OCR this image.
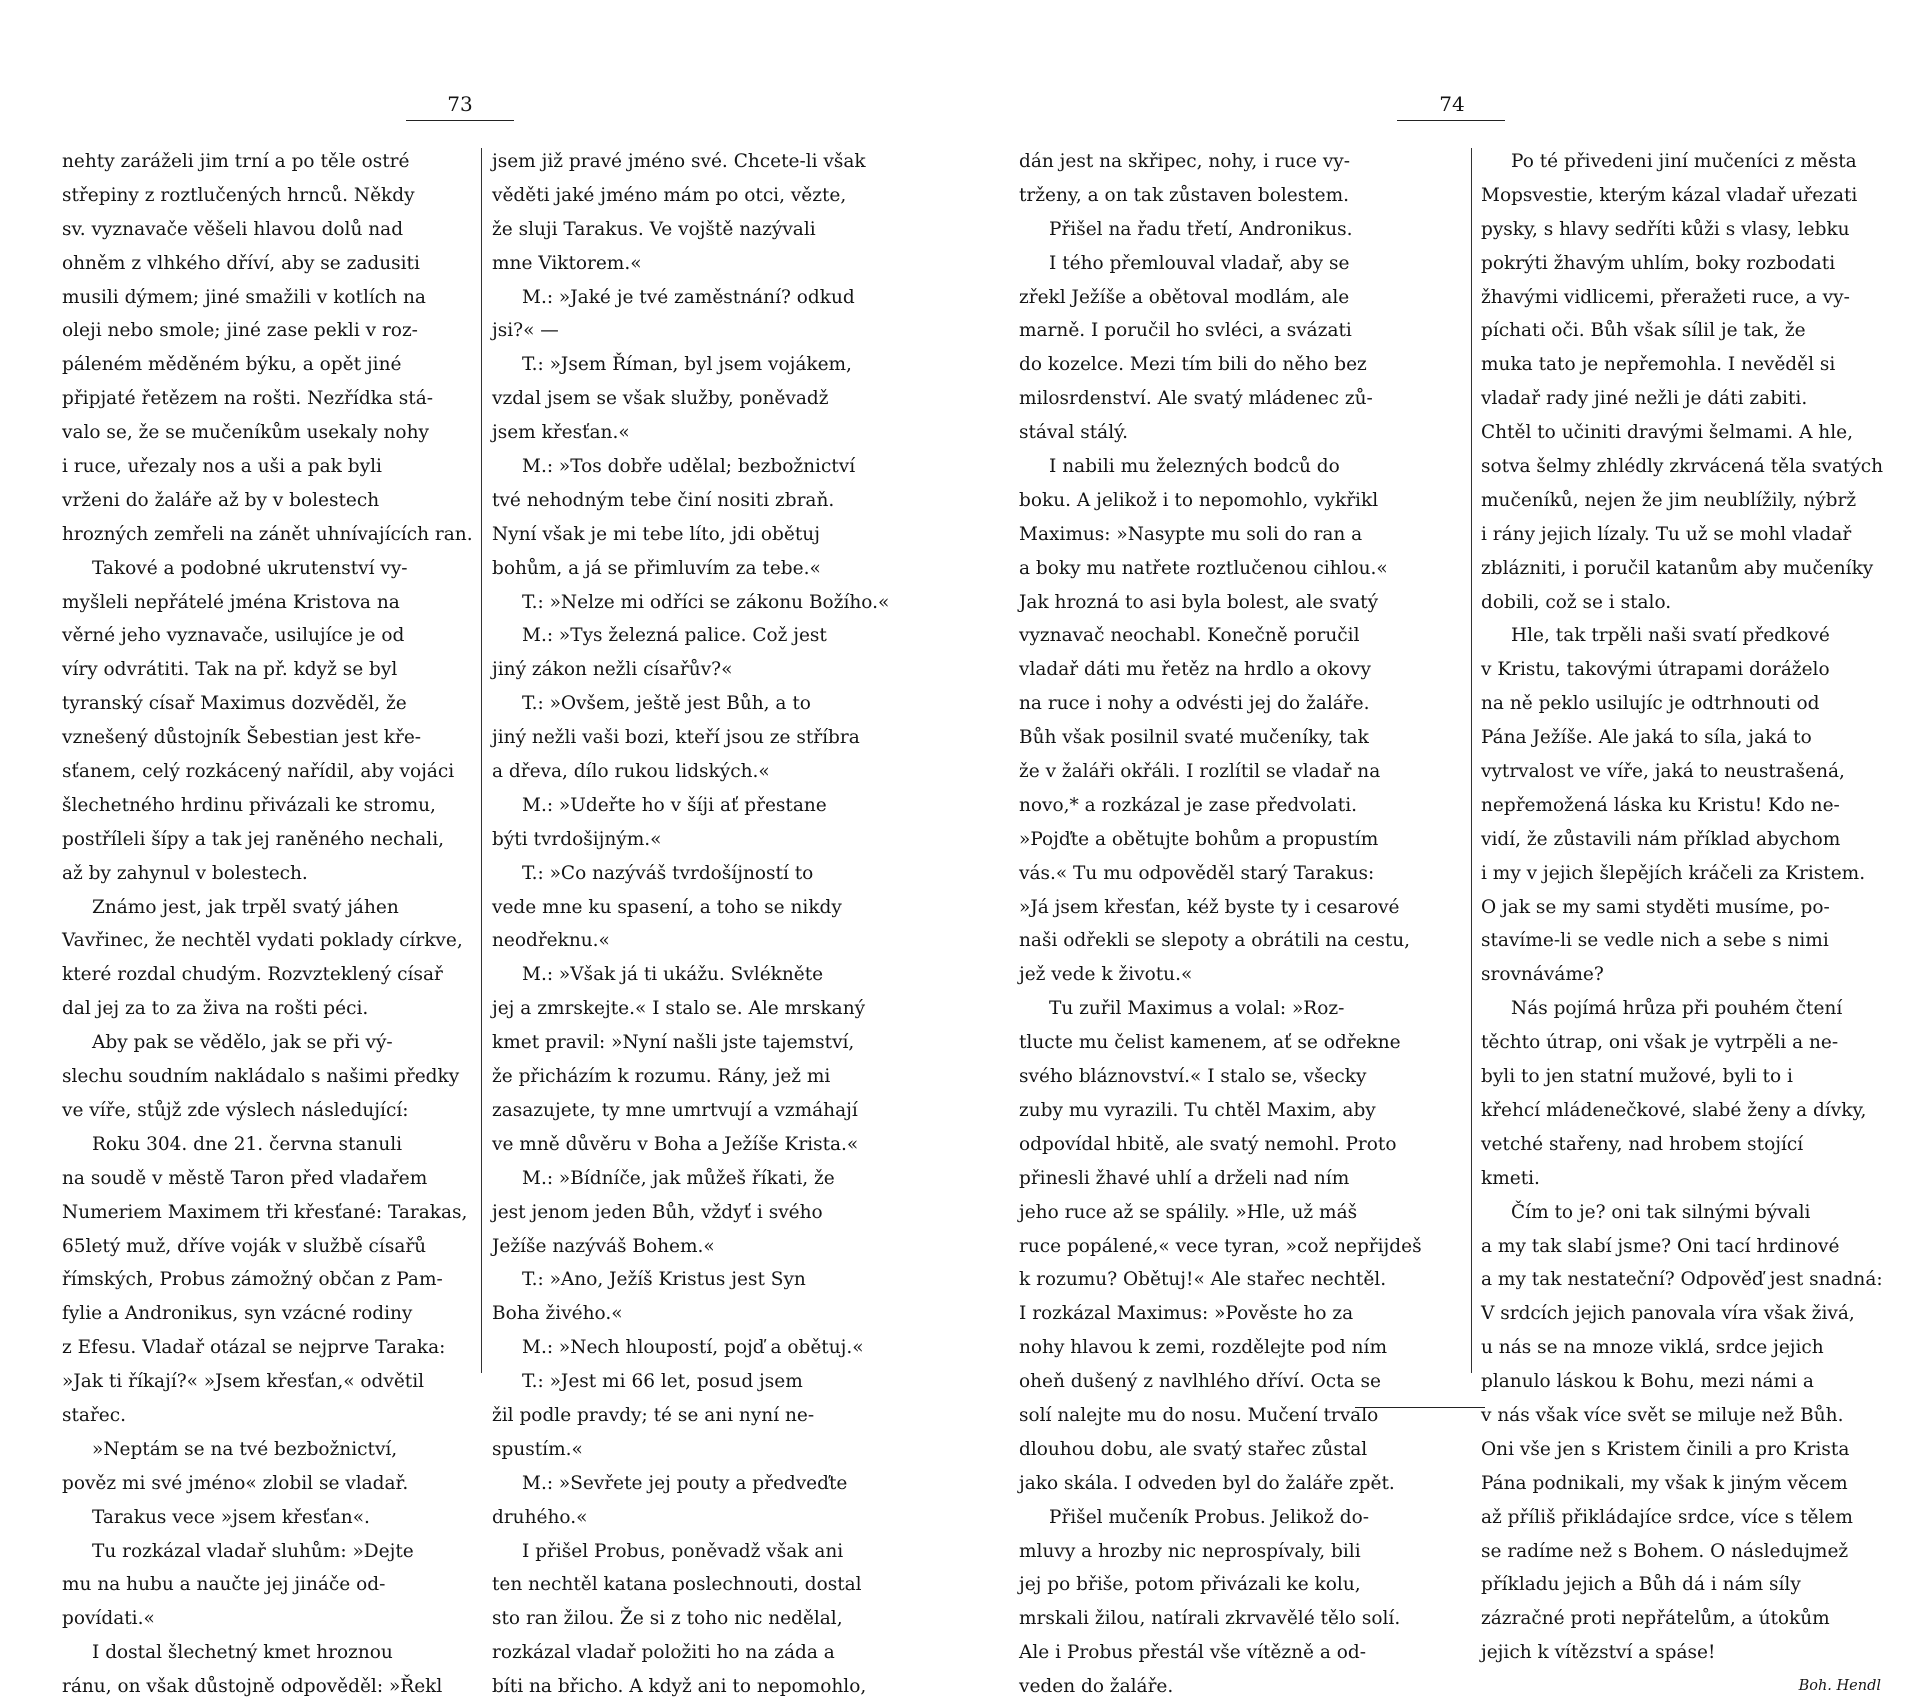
73
nehty zaráželi jim trní a po těle ostré
střepiny z roztlučených hrnců. Někdy
sv. vyznavače věšeli hlavou dolů nad
ohněm z vlhkého dříví, aby se zadusiti
musili dýmem; jiné smažili v kotlích na
oleji nebo smole; jiné zase pekli v roz-
páleném měděném býku, a opět jiné
připjaté řetězem na rošti. Nezřídka stá-
valo se, že se mučeníkům usekaly nohy
i ruce, uřezaly nos a uši a pak byli
vrženi do žaláře až by v bolestech
hrozných zemřeli na zánět uhnívajících ran.
Takové a podobné ukrutenství vy-
myšleli nepřátelé jména Kristova na
věrné jeho vyznavače, usilujíce je od
víry odvrátiti. Tak na př. když se byl
tyranský císař Maximus dozvěděl, že
vznešený důstojník Šebestian jest kře-
sťanem, celý rozkácený nařídil, aby vojáci
šlechetného hrdinu přivázali ke stromu,
postříleli šípy a tak jej raněného nechali,
až by zahynul v bolestech.
Známo jest, jak trpěl svatý jáhen
Vavřinec, že nechtěl vydati poklady církve,
které rozdal chudým. Rozvzteklený císař
dal jej za to za živa na rošti péci.
Aby pak se vědělo, jak se při vý-
slechu soudním nakládalo s našimi předky
ve víře, stůjž zde výslech následující:
Roku 304. dne 21. června stanuli
na soudě v městě Taron před vladařem
Numeriem Maximem tři křesťané: Tarakas,
65letý muž, dříve voják v službě císařů
římských, Probus zámožný občan z Pam-
fylie a Andronikus, syn vzácné rodiny
z Efesu. Vladař otázal se nejprve Taraka:
»Jak ti říkají?« »Jsem křesťan,« odvětil
stařec.
»Neptám se na tvé bezbožnictví,
pověz mi své jméno« zlobil se vladař.
Tarakus vece »jsem křesťan«.
Tu rozkázal vladař sluhům: »Dejte
mu na hubu a naučte jej jináče od-
povídati.«
I dostal šlechetný kmet hroznou
ránu, on však důstojně odpověděl: »Řekl
jsem již pravé jméno své. Chcete-li však
věděti jaké jméno mám po otci, vězte,
že sluji Tarakus. Ve vojště nazývali
mne Viktorem.«
M.: »Jaké je tvé zaměstnání? odkud
jsi?« —
T.: »Jsem Říman, byl jsem vojákem,
vzdal jsem se však služby, poněvadž
jsem křesťan.«
M.: »Tos dobře udělal; bezbožnictví
tvé nehodným tebe činí nositi zbraň.
Nyní však je mi tebe líto, jdi obětuj
bohům, a já se přimluvím za tebe.«
T.: »Nelze mi odříci se zákonu Božího.«
M.: »Tys železná palice. Což jest
jiný zákon nežli císařův?«
T.: »Ovšem, ještě jest Bůh, a to
jiný nežli vaši bozi, kteří jsou ze stříbra
a dřeva, dílo rukou lidských.«
M.: »Udeřte ho v šíji ať přestane
býti tvrdošijným.«
T.: »Co nazýváš tvrdošíjností to
vede mne ku spasení, a toho se nikdy
neodřeknu.«
M.: »Však já ti ukážu. Svlékněte
jej a zmrskejte.« I stalo se. Ale mrskaný
kmet pravil: »Nyní našli jste tajemství,
že přicházím k rozumu. Rány, jež mi
zasazujete, ty mne umrtvují a vzmáhají
ve mně důvěru v Boha a Ježíše Krista.«
M.: »Bídníče, jak můžeš říkati, že
jest jenom jeden Bůh, vždyť i svého
Ježíše nazýváš Bohem.«
T.: »Ano, Ježíš Kristus jest Syn
Boha živého.«
M.: »Nech hloupostí, pojď a obětuj.«
T.: »Jest mi 66 let, posud jsem
žil podle pravdy; té se ani nyní ne-
spustím.«
M.: »Sevřete jej pouty a předveďte
druhého.«
I přišel Probus, poněvadž však ani
ten nechtěl katana poslechnouti, dostal
sto ran žilou. Že si z toho nic nedělal,
rozkázal vladař položiti ho na záda a
bíti na břicho. A když ani to nepomohlo,
74
dán jest na skřipec, nohy, i ruce vy-
trženy, a on tak zůstaven bolestem.
Přišel na řadu třetí, Andronikus.
I tého přemlouval vladař, aby se
zřekl Ježíše a obětoval modlám, ale
marně. I poručil ho svléci, a svázati
do kozelce. Mezi tím bili do něho bez
milosrdenství. Ale svatý mládenec zů-
stával stálý.
I nabili mu železných bodců do
boku. A jelikož i to nepomohlo, vykřikl
Maximus: »Nasypte mu soli do ran a
a boky mu natřete roztlučenou cihlou.«
Jak hrozná to asi byla bolest, ale svatý
vyznavač neochabl. Konečně poručil
vladař dáti mu řetěz na hrdlo a okovy
na ruce i nohy a odvésti jej do žaláře.
Bůh však posilnil svaté mučeníky, tak
že v žaláři okřáli. I rozlítil se vladař na
novo,* a rozkázal je zase předvolati.
»Pojďte a obětujte bohům a propustím
vás.« Tu mu odpověděl starý Tarakus:
»Já jsem křesťan, kéž byste ty i cesarové
naši odřekli se slepoty a obrátili na cestu,
jež vede k životu.«
Tu zuřil Maximus a volal: »Roz-
tlucte mu čelist kamenem, ať se odřekne
svého bláznovství.« I stalo se, všecky
zuby mu vyrazili. Tu chtěl Maxim, aby
odpovídal hbitě, ale svatý nemohl. Proto
přinesli žhavé uhlí a drželi nad ním
jeho ruce až se spálily. »Hle, už máš
ruce popálené,« vece tyran, »což nepřijdeš
k rozumu? Obětuj!« Ale stařec nechtěl.
I rozkázal Maximus: »Pověste ho za
nohy hlavou k zemi, rozdělejte pod ním
oheň dušený z navlhlého dříví. Octa se
solí nalejte mu do nosu. Mučení trvalo
dlouhou dobu, ale svatý stařec zůstal
jako skála. I odveden byl do žaláře zpět.
Přišel mučeník Probus. Jelikož do-
mluvy a hrozby nic neprospívaly, bili
jej po břiše, potom přivázali ke kolu,
mrskali žilou, natírali zkrvavělé tělo solí.
Ale i Probus přestál vše vítězně a od-
veden do žaláře.
Po té přivedeni jiní mučeníci z města
Mopsvestie, kterým kázal vladař uřezati
pysky, s hlavy sedříti kůži s vlasy, lebku
pokrýti žhavým uhlím, boky rozbodati
žhavými vidlicemi, přeražeti ruce, a vy-
píchati oči. Bůh však sílil je tak, že
muka tato je nepřemohla. I nevěděl si
vladař rady jiné nežli je dáti zabiti.
Chtěl to učiniti dravými šelmami. A hle,
sotva šelmy zhlédly zkrvácená těla svatých
mučeníků, nejen že jim neublížily, nýbrž
i rány jejich lízaly. Tu už se mohl vladař
zblázniti, i poručil katanům aby mučeníky
dobili, což se i stalo.
Hle, tak trpěli naši svatí předkové
v Kristu, takovými útrapami doráželo
na ně peklo usilujíc je odtrhnouti od
Pána Ježíše. Ale jaká to síla, jaká to
vytrvalost ve víře, jaká to neustrašená,
nepřemožená láska ku Kristu! Kdo ne-
vidí, že zůstavili nám příklad abychom
i my v jejich šlepějích kráčeli za Kristem.
O jak se my sami styděti musíme, po-
stavíme-li se vedle nich a sebe s nimi
srovnáváme?
Nás pojímá hrůza při pouhém čtení
těchto útrap, oni však je vytrpěli a ne-
byli to jen statní mužové, byli to i
křehcí mládenečkové, slabé ženy a dívky,
vetché stařeny, nad hrobem stojící
kmeti.
Čím to je? oni tak silnými bývali
a my tak slabí jsme? Oni tací hrdinové
a my tak nestateční? Odpověď jest snadná:
V srdcích jejich panovala víra však živá,
u nás se na mnoze viklá, srdce jejich
planulo láskou k Bohu, mezi námi a
v nás však více svět se miluje než Bůh.
Oni vše jen s Kristem činili a pro Krista
Pána podnikali, my však k jiným věcem
až příliš přikládajíce srdce, více s tělem
se radíme než s Bohem. O následujmež
příkladu jejich a Bůh dá i nám síly
zázračné proti nepřátelům, a útokům
jejich k vítězství a spáse!
Boh. Hendl
